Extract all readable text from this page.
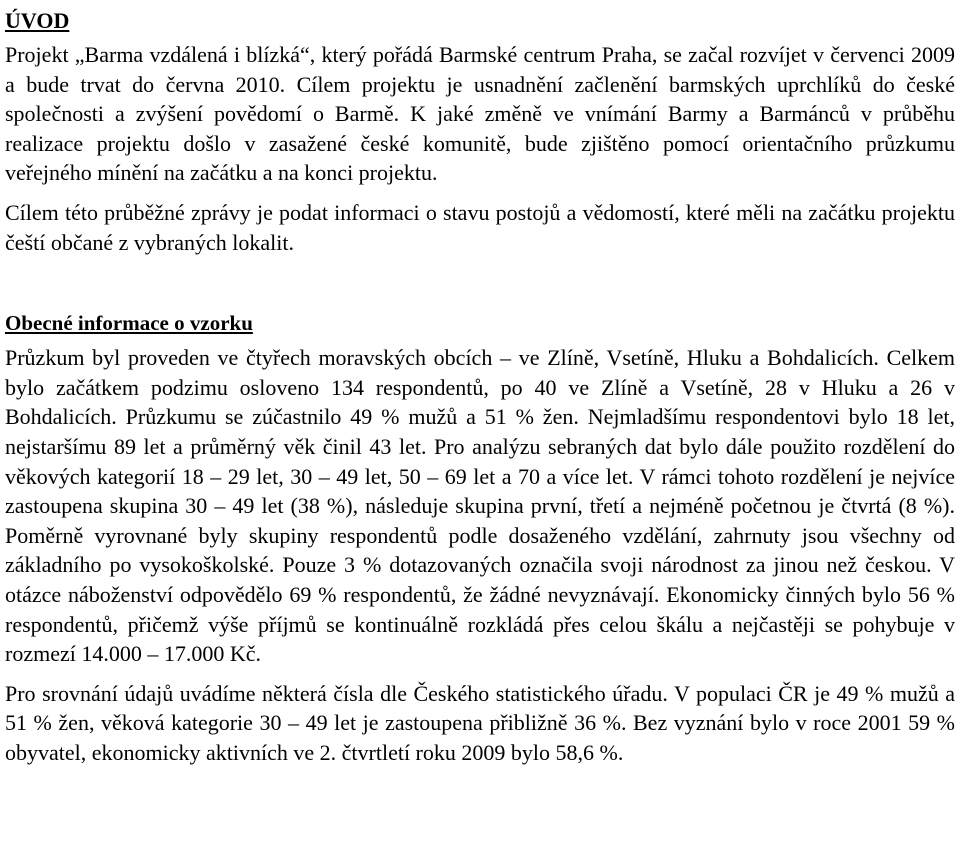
ÚVOD

Projekt „Barma vzdálená i blízká“, který pořádá Barmské centrum Praha, se začal rozvíjet v červenci 2009 a bude trvat do června 2010. Cílem projektu je usnadnění začlenění barmských uprchlíků do české společnosti a zvýšení povědomí o Barmě. K jaké změně ve vnímání Barmy a Barmánců v průběhu realizace projektu došlo v zasažené české komunitě, bude zjištěno pomocí orientačního průzkumu veřejného mínění na začátku a na konci projektu.

Cílem této průběžné zprávy je podat informaci o stavu postojů a vědomostí, které měli na začátku projektu čeští občané z vybraných lokalit.

Obecné informace o vzorku

Průzkum byl proveden ve čtyřech moravských obcích – ve Zlíně, Vsetíně, Hluku a Bohdalicích. Celkem bylo začátkem podzimu osloveno 134 respondentů, po 40 ve Zlíně a Vsetíně, 28 v Hluku a 26 v Bohdalicích. Průzkumu se zúčastnilo 49 % mužů a 51 % žen. Nejmladšímu respondentovi bylo 18 let, nejstaršímu 89 let a průměrný věk činil 43 let. Pro analýzu sebraných dat bylo dále použito rozdělení do věkových kategorií 18 – 29 let, 30 – 49 let, 50 – 69 let a 70 a více let. V rámci tohoto rozdělení je nejvíce zastoupena skupina 30 – 49 let (38 %), následuje skupina první, třetí a nejméně početnou je čtvrtá (8 %). Poměrně vyrovnané byly skupiny respondentů podle dosaženého vzdělání, zahrnuty jsou všechny od základního po vysokoškolské. Pouze 3 % dotazovaných označila svoji národnost za jinou než českou. V otázce náboženství odpovědělo 69 % respondentů, že žádné nevyznávají. Ekonomicky činných bylo 56 % respondentů, přičemž výše příjmů se kontinuálně rozkládá přes celou škálu a nejčastěji se pohybuje v rozmezí 14.000 – 17.000 Kč.

Pro srovnání údajů uvádíme některá čísla dle Českého statistického úřadu. V populaci ČR je 49 % mužů a 51 % žen, věková kategorie 30 – 49 let je zastoupena přibližně 36 %. Bez vyznání bylo v roce 2001 59 % obyvatel, ekonomicky aktivních ve 2. čtvrtletí roku 2009 bylo 58,6 %.
